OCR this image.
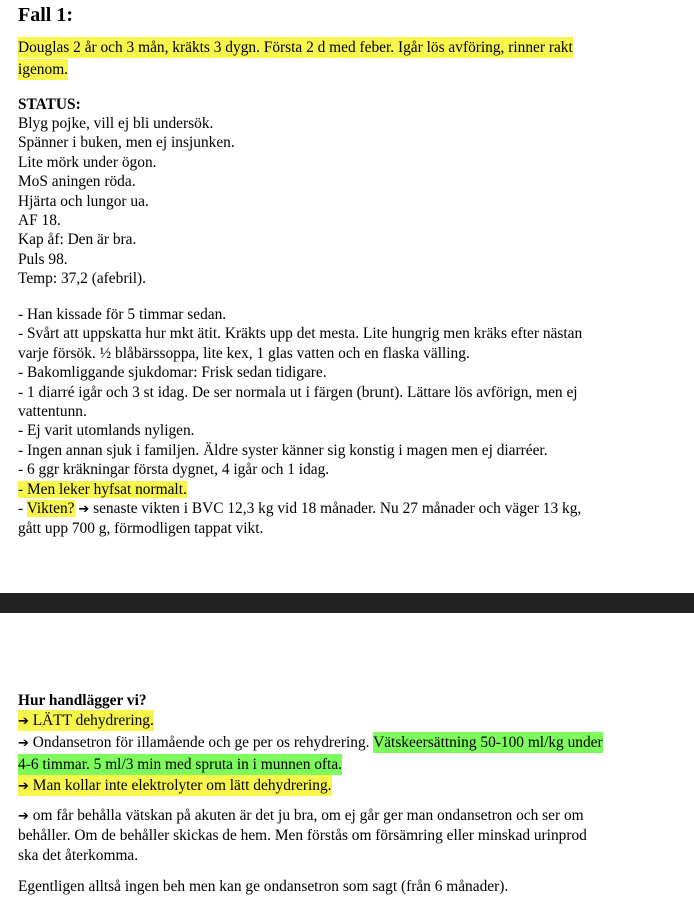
Fall 1:
Douglas 2 år och 3 mån, kräkts 3 dygn. Första 2 d med feber. Igår lös avföring, rinner rakt
igenom.
STATUS:
Blyg pojke, vill ej bli undersök.
Spänner i buken, men ej insjunken.
Lite mörk under ögon.
MoS aningen röda.
Hjärta och lungor ua.
AF 18.
Kap åf: Den är bra.
Puls 98.
Temp: 37,2 (afebril).
- Han kissade för 5 timmar sedan.
- Svårt att uppskatta hur mkt ätit. Kräkts upp det mesta. Lite hungrig men kräks efter nästan
varje försök. ½ blåbärssoppa, lite kex, 1 glas vatten och en flaska välling.
- Bakomliggande sjukdomar: Frisk sedan tidigare.
- 1 diarré igår och 3 st idag. De ser normala ut i färgen (brunt). Lättare lös avförign, men ej
vattentunn.
- Ej varit utomlands nyligen.
- Ingen annan sjuk i familjen. Äldre syster känner sig konstig i magen men ej diarréer.
- 6 ggr kräkningar första dygnet, 4 igår och 1 idag.
- Men leker hyfsat normalt.
- Vikten? ➔ senaste vikten i BVC 12,3 kg vid 18 månader. Nu 27 månader och väger 13 kg,
gått upp 700 g, förmodligen tappat vikt.
Hur handlägger vi?
➔ LÄTT dehydrering.
➔ Ondansetron för illamående och ge per os rehydrering. Vätskeersättning 50-100 ml/kg under
4-6 timmar. 5 ml/3 min med spruta in i munnen ofta.
➔ Man kollar inte elektrolyter om lätt dehydrering.
➔ om får behålla vätskan på akuten är det ju bra, om ej går ger man ondansetron och ser om
behåller. Om de behåller skickas de hem. Men förstås om försämring eller minskad urinprod
ska det återkomma.
Egentligen alltså ingen beh men kan ge ondansetron som sagt (från 6 månader).
